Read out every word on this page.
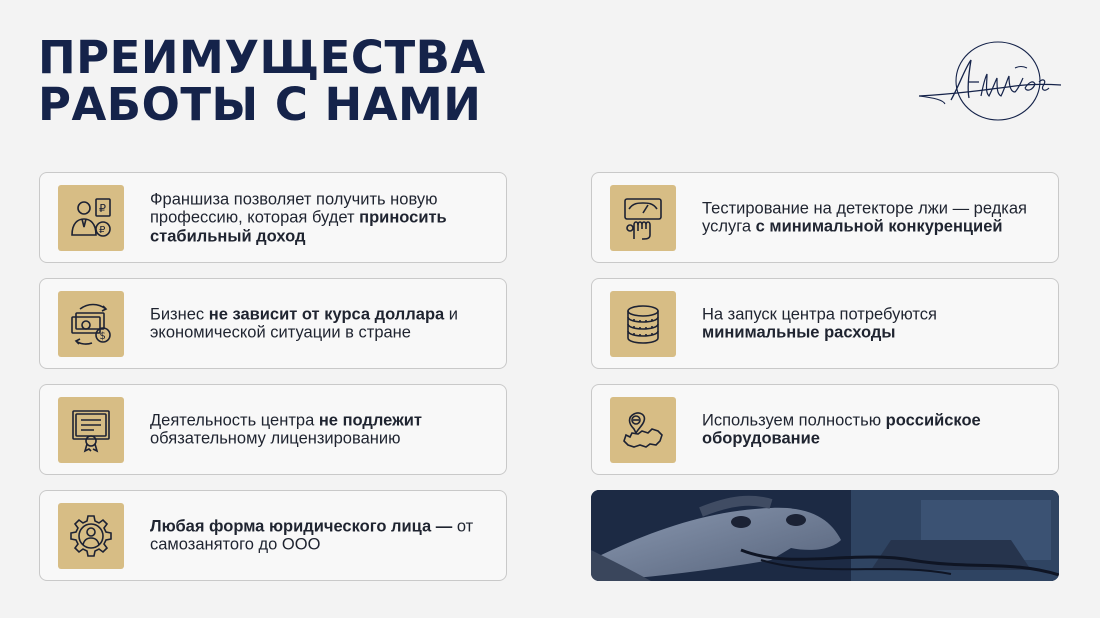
ПРЕИМУЩЕСТВА
РАБОТЫ С НАМИ
₽
₽
Франшиза позволяет получить новую профессию, которая будет приносить стабильный доход
Тестирование на детекторе лжи — редкая услуга с минимальной конкуренцией
$
Бизнес не зависит от курса доллара и экономической ситуации в стране
На запуск центра потребуются минимальные расходы
Деятельность центра не подлежит обязательному лицензированию
Используем полностью российское оборудование
Любая форма юридического лица — от самозанятого до ООО
